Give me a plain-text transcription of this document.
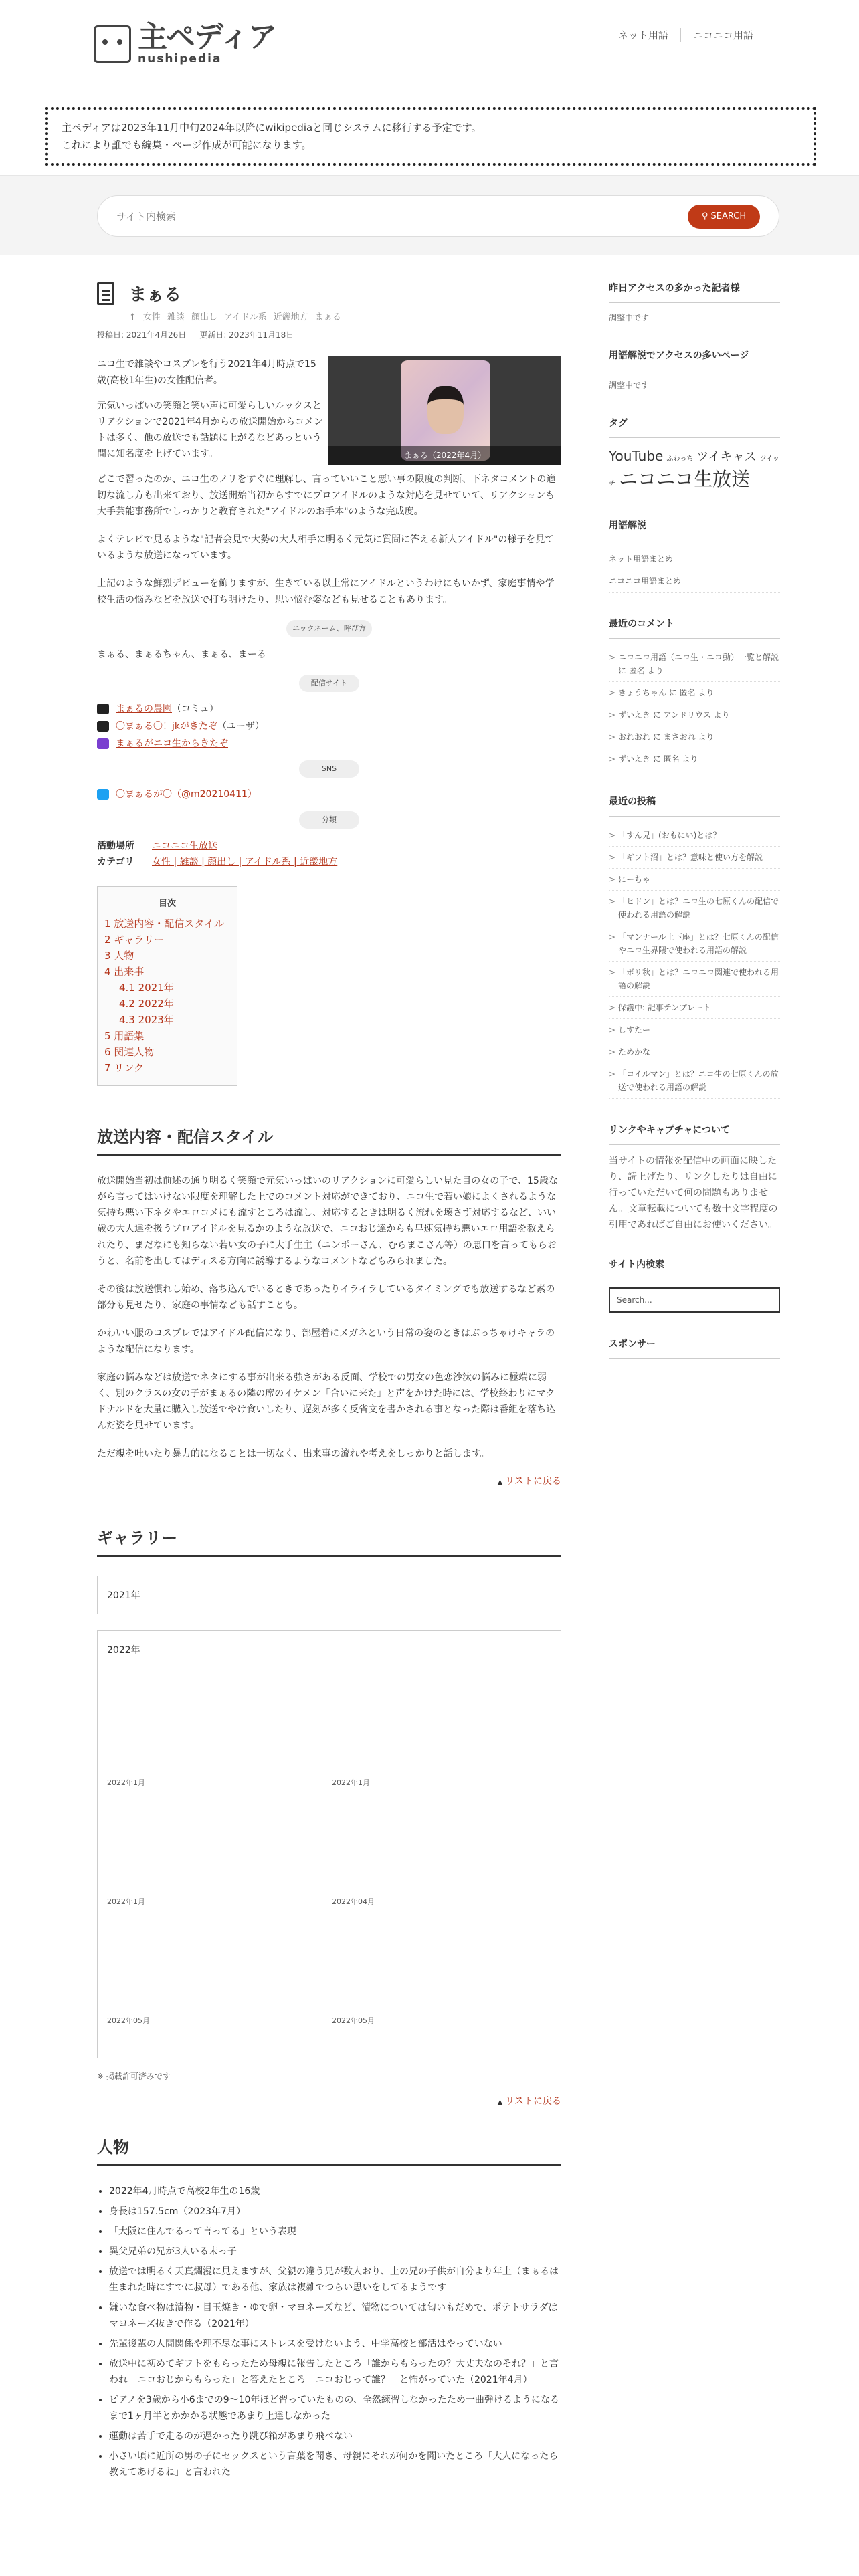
主ペディア
nushipedia
ネット用語	ニコニコ用語
主ペディアは2023年11月中旬2024年以降にwikipediaと同じシステムに移行する予定です。
これにより誰でも編集・ページ作成が可能になります。
サイト内検索
⚲ SEARCH
まぁる
↑ 女性 雑談 顔出し アイドル系 近畿地方 まぁる
投稿日: 2021年4月26日 更新日: 2023年11月18日

ニコ生で雑談やコスプレを行う2021年4月時点で15歳(高校1年生)の女性配信者。

元気いっぱいの笑顔と笑い声に可愛らしいルックスとリアクションで2021年4月からの放送開始からコメントは多く、他の放送でも話題に上がるなどあっという間に知名度を上げています。	まぁる（2022年4月）
どこで習ったのか、ニコ生のノリをすぐに理解し、言っていいこと悪い事の限度の判断、下ネタコメントの適切な流し方も出来ており、放送開始当初からすでにプロアイドルのような対応を見せていて、リアクションも大手芸能事務所でしっかりと教育された"アイドルのお手本"のような完成度。
よくテレビで見るような"記者会見で大勢の大人相手に明るく元気に質問に答える新人アイドル"の様子を見ているような放送になっています。
上記のような鮮烈デビューを飾りますが、生きている以上常にアイドルというわけにもいかず、家庭事情や学校生活の悩みなどを放送で打ち明けたり、思い悩む姿なども見せることもあります。
ニックネーム、呼び方
まぁる、まぁるちゃん、まぁる、まーる
配信サイト
まぁるの農園 （コミュ）
〇まぁる〇！jkがきたぞ （ユーザ）
まぁるがニコ生からきたぞ
SNS
〇まぁるが〇（@m20210411）
分類
活動場所	ニコニコ生放送
カテゴリ	女性 | 雑談 | 顔出し | アイドル系 | 近畿地方
目次
1 放送内容・配信スタイル
2 ギャラリー
3 人物
4 出来事
4.1 2021年
4.2 2022年
4.3 2023年
5 用語集
6 関連人物
7 リンク
放送内容・配信スタイル
放送開始当初は前述の通り明るく笑顔で元気いっぱいのリアクションに可愛らしい見た目の女の子で、15歳ながら言ってはいけない限度を理解した上でのコメント対応ができており、ニコ生で若い娘によくされるような気持ち悪い下ネタやエロコメにも流すところは流し、対応するときは明るく流れを壊さず対応するなど、いい歳の大人達を扱うプロアイドルを見るかのような放送で、ニコおじ達からも早速気持ち悪いエロ用語を教えられたり、まだなにも知らない若い女の子に大手生主（ニンポーさん、むらまこさん等）の悪口を言ってもらおうと、名前を出してはディスる方向に誘導するようなコメントなどもみられました。
その後は放送慣れし始め、落ち込んでいるときであったりイライラしているタイミングでも放送するなど素の部分も見せたり、家庭の事情なども話すことも。
かわいい服のコスプレではアイドル配信になり、部屋着にメガネという日常の姿のときはぶっちゃけキャラのような配信になります。
家庭の悩みなどは放送でネタにする事が出来る強さがある反面、学校での男女の色恋沙汰の悩みに極端に弱く、別のクラスの女の子がまぁるの隣の席のイケメン「合いに来た」と声をかけた時には、学校終わりにマクドナルドを大量に購入し放送でやけ食いしたり、遅刻が多く反省文を書かされる事となった際は番組を落ち込んだ姿を見せています。
ただ親を吐いたり暴力的になることは一切なく、出来事の流れや考えをしっかりと話します。
▲ リストに戻る
ギャラリー
2021年
2022年
2022年1月	2022年1月
2022年1月	2022年04月
2022年05月	2022年05月
※ 掲載許可済みです
▲ リストに戻る
人物
• 2022年4月時点で高校2年生の16歳
• 身長は157.5cm（2023年7月）
• 「大阪に住んでるって言ってる」という表現
• 異父兄弟の兄が3人いる末っ子
• 放送では明るく天真爛漫に見えますが、父親の違う兄が数人おり、上の兄の子供が自分より年上（まぁるは生まれた時にすでに叔母）である他、家族は複雑でつらい思いをしてるようです
• 嫌いな食べ物は漬物・目玉焼き・ゆで卵・マヨネーズなど、漬物については匂いもだめで、ポテトサラダはマヨネーズ抜きで作る（2021年）
• 先輩後輩の人間関係や理不尽な事にストレスを受けないよう、中学高校と部活はやっていない
• 放送中に初めてギフトをもらったため母親に報告したところ「誰からもらったの？大丈夫なのそれ？」と言われ「ニコおじからもらった」と答えたところ「ニコおじって誰？」と怖がっていた（2021年4月）
• ピアノを3歳から小6までの9〜10年ほど習っていたものの、全然練習しなかったため一曲弾けるようになるまで1ヶ月半とかかかる状態であまり上達しなかった
• 運動は苦手で走るのが遅かったり跳び箱があまり飛べない
• 小さい頃に近所の男の子にセックスという言葉を聞き、母親にそれが何かを聞いたところ「大人になったら教えてあげるね」と言われた
昨日アクセスの多かった記者様
調整中です
用語解説でアクセスの多いページ
調整中です
タグ
YouTube ふわっち ツイキャス ツイッチ ニコニコ生放送
用語解説
ネット用語まとめ
ニコニコ用語まとめ
最近のコメント
> ニコニコ用語（ニコ生・ニコ動）一覧と解説 に 匿名 より
> きょうちゃん に 匿名 より
> ずいえき に アンドリウス より
> おれおれ に まさおれ より
> ずいえき に 匿名 より
最近の投稿
> 「すん兄」(おもにい)とは？
> 「ギフト沼」とは？意味と使い方を解説
> にーちゃ
> 「ヒドン」とは？ニコ生の七原くんの配信で使われる用語の解説
> 「マンナール土下座」とは？七原くんの配信やニコ生界隈で使われる用語の解説
> 「ボリ秋」とは？ニコニコ関連で使われる用語の解説
> 保護中: 記事テンプレート
> しすたー
> ためかな
> 「コイルマン」とは？ニコ生の七原くんの放送で使われる用語の解説
リンクやキャプチャについて
当サイトの情報を配信中の画面に映したり、読上げたり、リンクしたりは自由に行っていただいて何の問題もありません。文章転載についても数十文字程度の引用であればご自由にお使いください。
サイト内検索
Search...
スポンサー
